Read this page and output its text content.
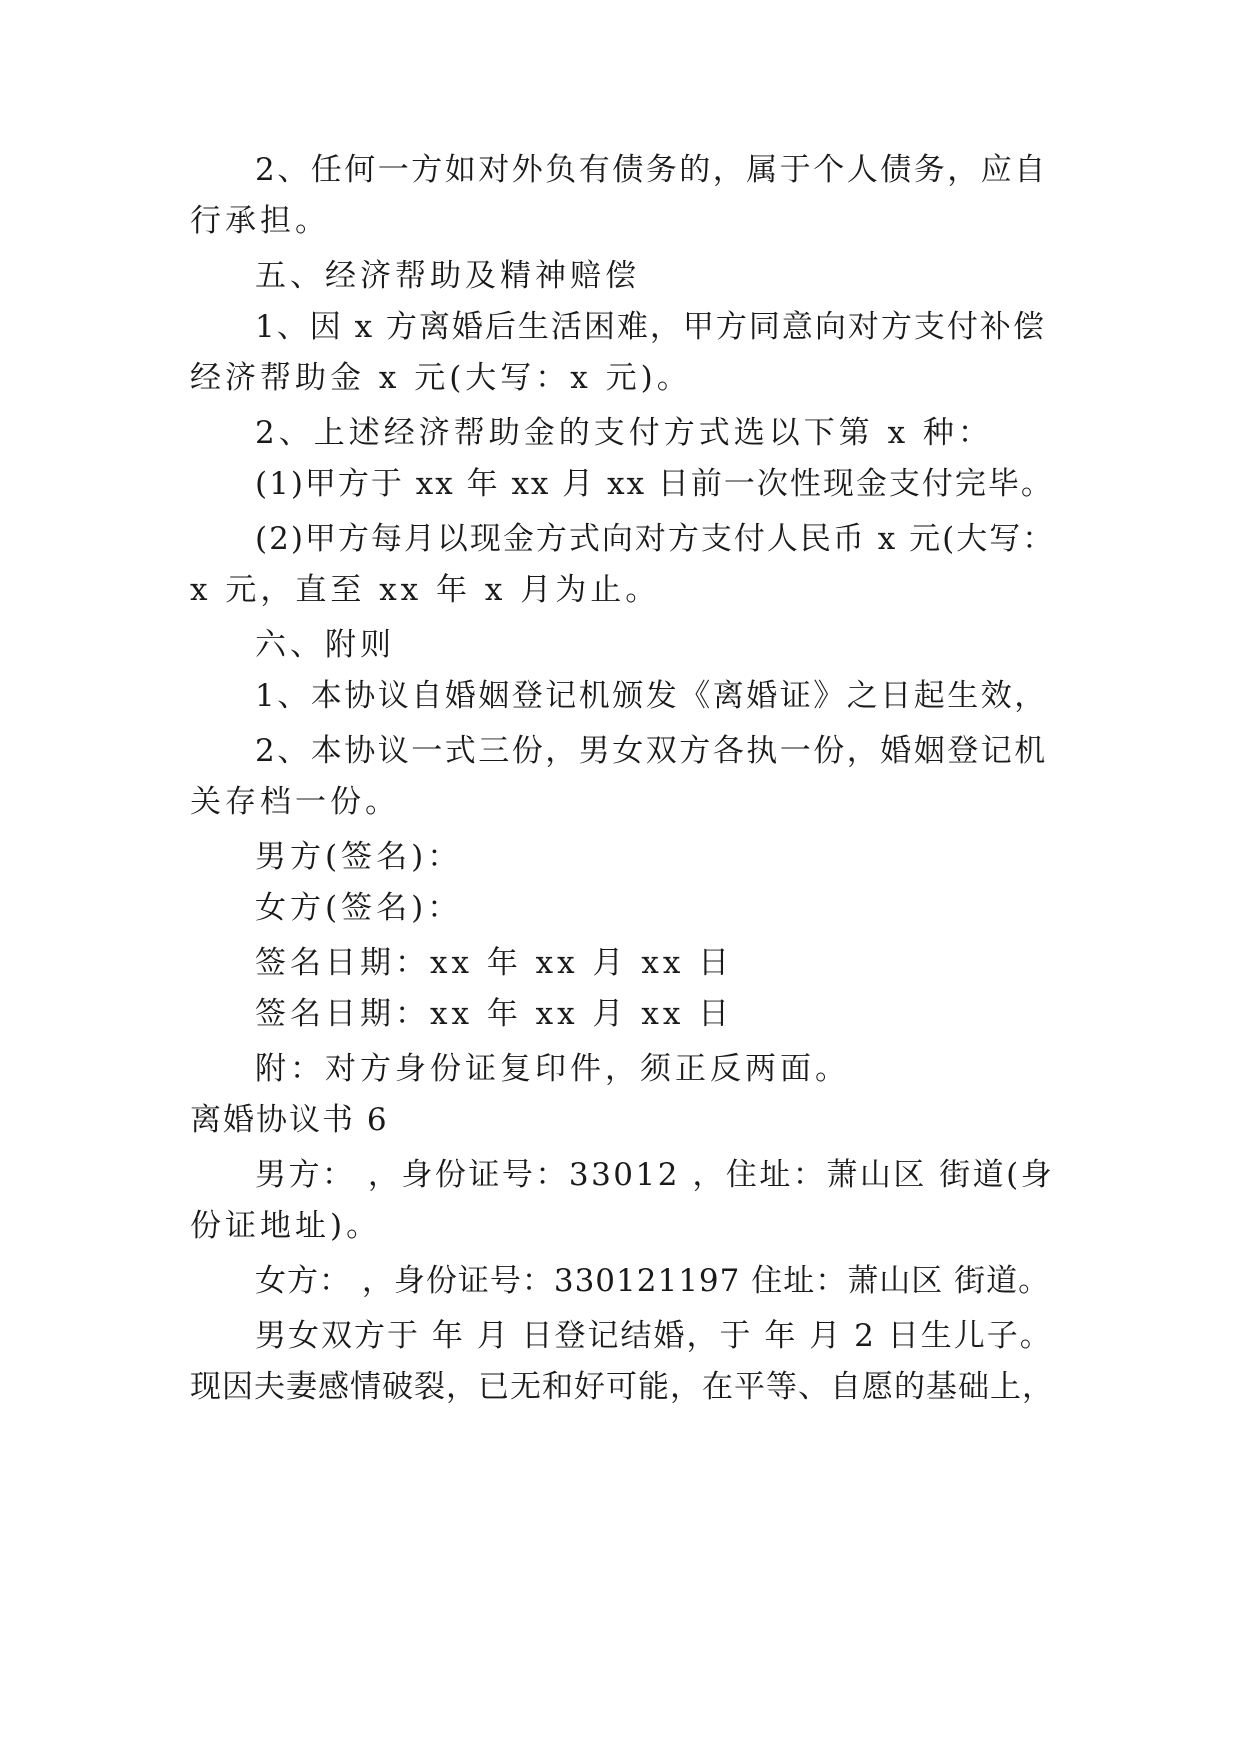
2、任何一方如对外负有债务的，属于个人债务，应自

行承担。

五、经济帮助及精神赔偿

1、因 x 方离婚后生活困难，甲方同意向对方支付补偿

经济帮助金 x 元(大写：x 元)。

2、上述经济帮助金的支付方式选以下第 x 种：

(1)甲方于 xx 年 xx 月 xx 日前一次性现金支付完毕。

(2)甲方每月以现金方式向对方支付人民币 x 元(大写：

x 元，直至 xx 年 x 月为止。

六、附则

1、本协议自婚姻登记机颁发《离婚证》之日起生效，

2、本协议一式三份，男女双方各执一份，婚姻登记机

关存档一份。

男方(签名)：

女方(签名)：

签名日期：xx 年 xx 月 xx 日

签名日期：xx 年 xx 月 xx 日

附：对方身份证复印件，须正反两面。

离婚协议书 6

男方： ，身份证号：33012 ，住址：萧山区 街道(身

份证地址)。

女方： ，身份证号：330121197 住址：萧山区 街道。

男女双方于 年 月 日登记结婚，于 年 月 2 日生儿子。

现因夫妻感情破裂，已无和好可能，在平等、自愿的基础上，
